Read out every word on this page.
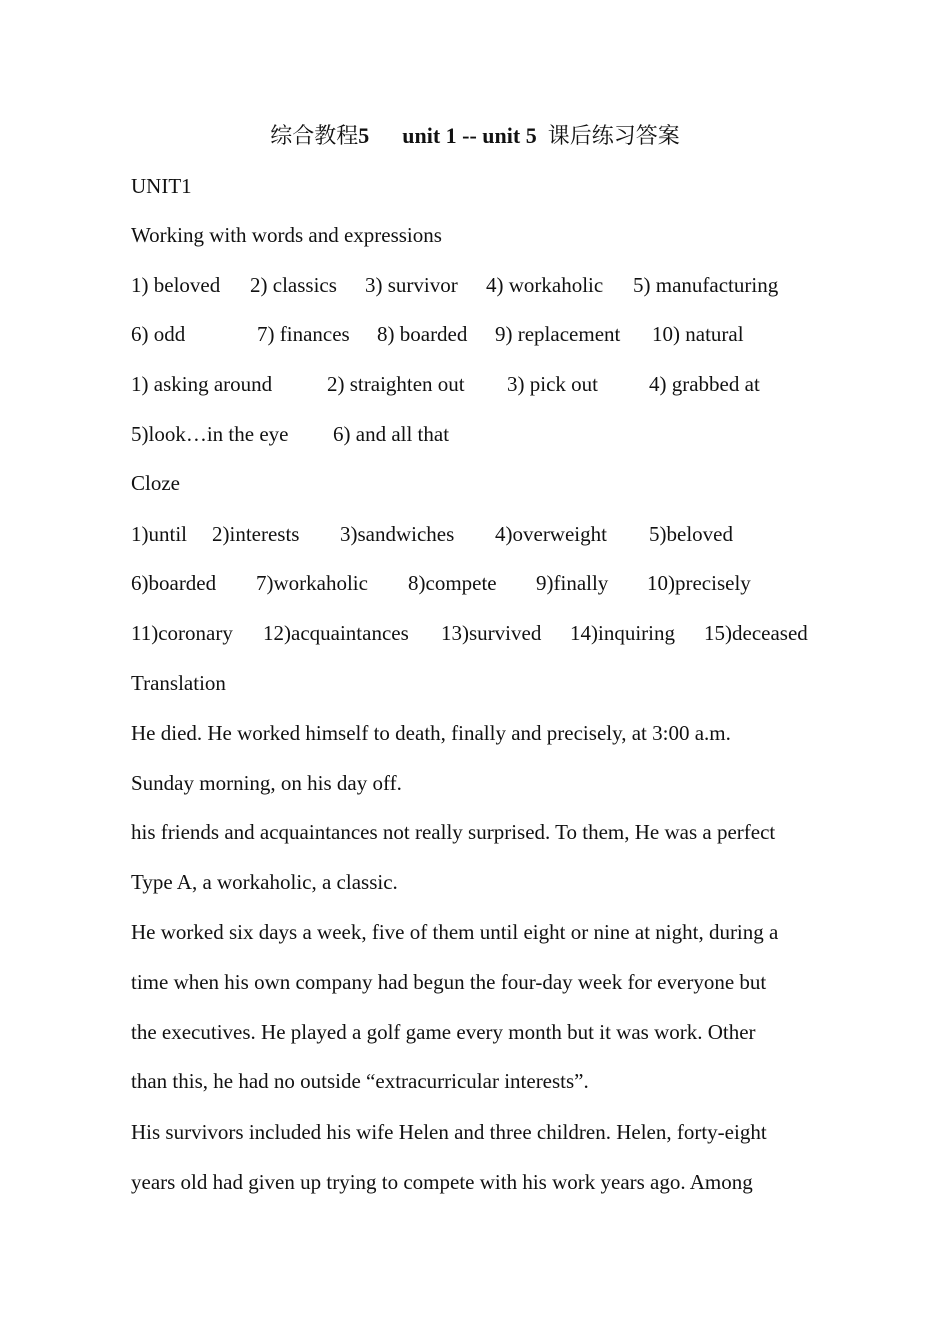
综合教程5 unit 1 -- unit 5 课后练习答案
UNIT1
Working with words and expressions
1) beloved 2) classics 3) survivor 4) workaholic 5) manufacturing
6) odd	7) finances 8) boarded 9) replacement 10) natural
1) asking around	2) straighten out 3) pick out 4) grabbed at
5)look…in the eye 6) and all that
Cloze
1)until 2)interests 3)sandwiches 4)overweight 5)beloved
6)boarded 7)workaholic 8)compete 9)finally 10)precisely
11)coronary 12)acquaintances 13)survived 14)inquiring 15)deceased
Translation
He died. He worked himself to death, finally and precisely, at 3:00 a.m.
Sunday morning, on his day off.
his friends and acquaintances not really surprised. To them, He was a perfect
Type A, a workaholic, a classic.
He worked six days a week, five of them until eight or nine at night, during a
time when his own company had begun the four-day week for everyone but
the executives. He played a golf game every month but it was work. Other
than this, he had no outside “extracurricular interests”.
His survivors included his wife Helen and three children. Helen, forty-eight
years old had given up trying to compete with his work years ago. Among
